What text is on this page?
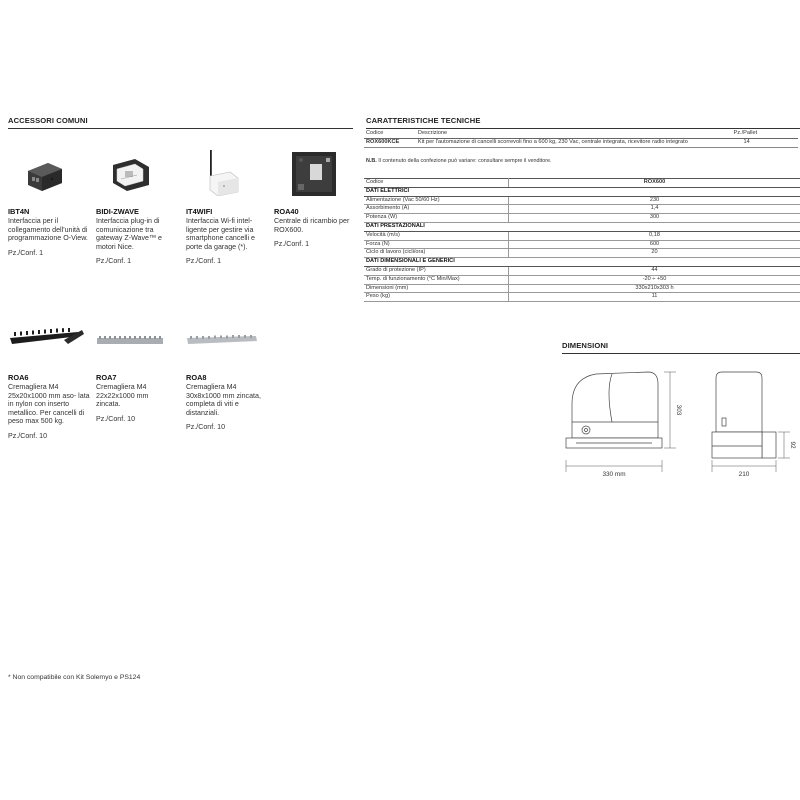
ACCESSORI COMUNI
IBT4N
Interfaccia per il collegamento dell'unità di programmazione O-View.
Pz./Conf. 1
BIDI-ZWAVE
Interfaccia plug-in di comunicazione tra gateway Z-Wave™ e motori Nice.
Pz./Conf. 1
IT4WIFI
Interfaccia Wi-fi intel- ligente per gestire via smartphone cancelli e porte da garage (*).
Pz./Conf. 1
ROA40
Centrale di ricambio per ROX600.
Pz./Conf. 1
ROA6
Cremagliera M4 25x20x1000 mm aso- lata in nylon con inserto metallico. Per cancelli di peso max 500 kg.
Pz./Conf. 10
ROA7
Cremagliera M4 22x22x1000 mm zincata.
Pz./Conf. 10
ROA8
Cremagliera M4 30x8x1000 mm zincata, completa di viti e distanziali.
Pz./Conf. 10
* Non compatibile con Kit Solemyo e PS124
CARATTERISTICHE TECNICHE
Codice	Descrizione	Pz./Pallet
ROX600KCE	Kit per l'automazione di cancelli scorrevoli fino a 600 kg, 230 Vac, centrale integrata, ricevitore radio integrato	14
N.B. Il contenuto della confezione può variare: consultare sempre il venditore.
Codice	ROX600
DATI ELETTRICI	
Alimentazione (Vac 50/60 Hz)	230
Assorbimento (A)	1,4
Potenza (W)	300
DATI PRESTAZIONALI	
Velocità (m/s)	0,18
Forza (N)	600
Ciclo di lavoro (cicli/ora)	20
DATI DIMENSIONALI E GENERICI	
Grado di protezione (IP)	44
Temp. di funzionamento (°C Min/Max)	-20 ÷ +50
Dimensioni (mm)	330x210x303 h
Peso (kg)	11
DIMENSIONI
330 mm
303
210
92
